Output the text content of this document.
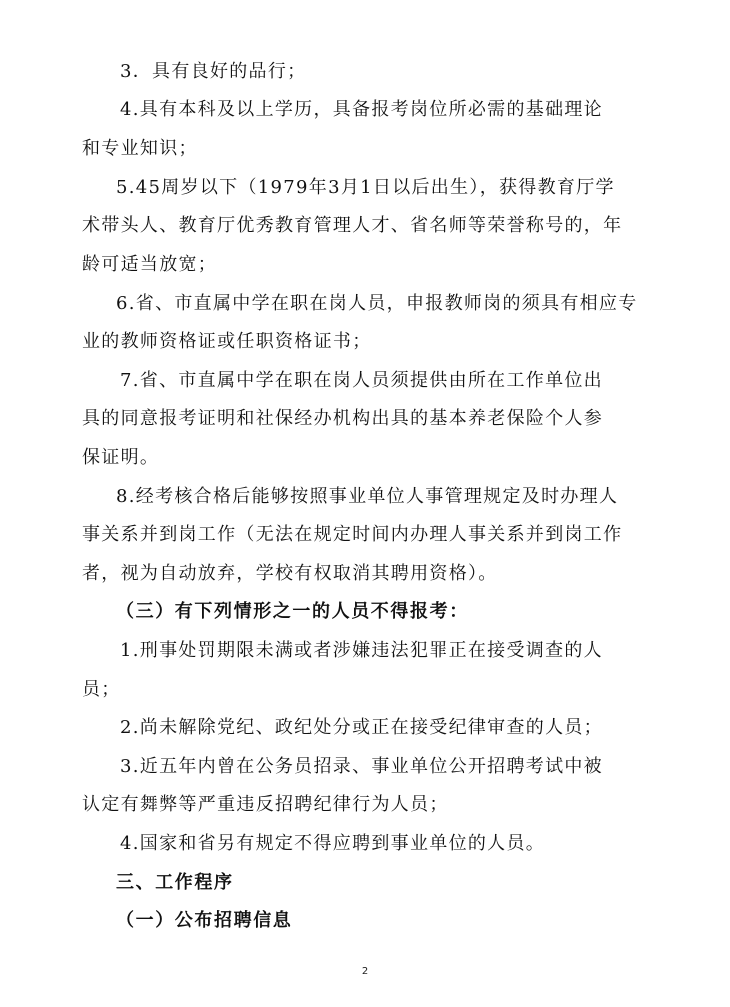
3．具有良好的品行；
4.具有本科及以上学历，具备报考岗位所必需的基础理论
和专业知识；
5.45周岁以下（1979年3月1日以后出生），获得教育厅学
术带头人、教育厅优秀教育管理人才、省名师等荣誉称号的，年
龄可适当放宽；
6.省、市直属中学在职在岗人员，申报教师岗的须具有相应专
业的教师资格证或任职资格证书；
7.省、市直属中学在职在岗人员须提供由所在工作单位出
具的同意报考证明和社保经办机构出具的基本养老保险个人参
保证明。
8.经考核合格后能够按照事业单位人事管理规定及时办理人
事关系并到岗工作（无法在规定时间内办理人事关系并到岗工作
者，视为自动放弃，学校有权取消其聘用资格）。
（三）有下列情形之一的人员不得报考：
1.刑事处罚期限未满或者涉嫌违法犯罪正在接受调查的人
员；
2.尚未解除党纪、政纪处分或正在接受纪律审查的人员；
3.近五年内曾在公务员招录、事业单位公开招聘考试中被
认定有舞弊等严重违反招聘纪律行为人员；
4.国家和省另有规定不得应聘到事业单位的人员。
三、工作程序
（一）公布招聘信息
2
